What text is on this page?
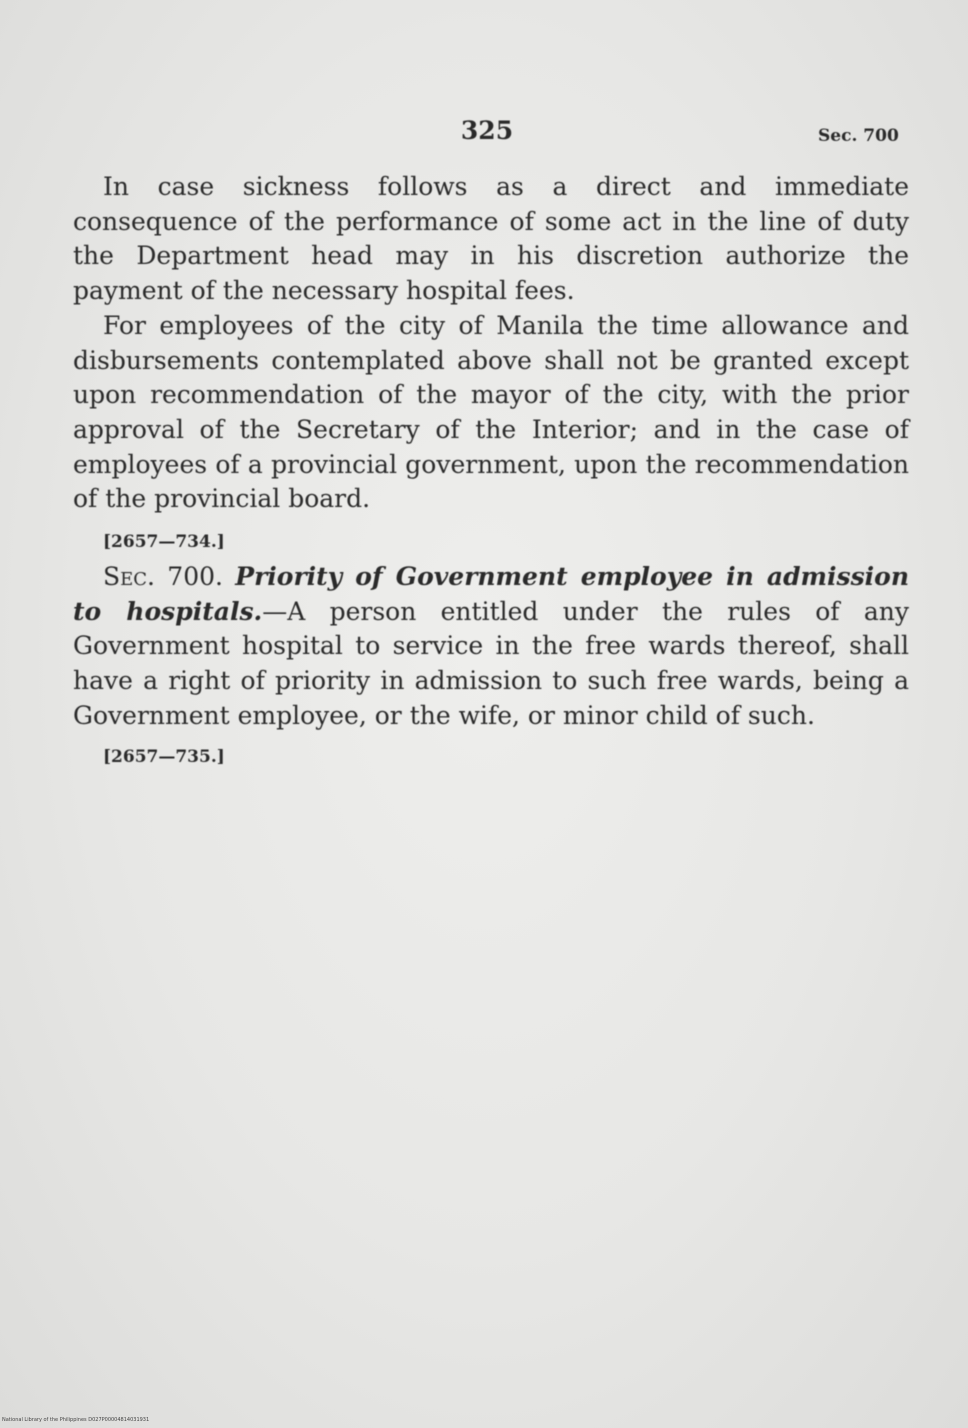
325	Sec. 700

In case sickness follows as a direct and immediate consequence of the performance of some act in the line of duty the Department head may in his discretion authorize the payment of the necessary hospital fees.

For employees of the city of Manila the time allowance and disbursements contemplated above shall not be granted except upon recommendation of the mayor of the city, with the prior approval of the Secretary of the Interior; and in the case of employees of a provincial government, upon the recommendation of the provincial board.

[2657—734.]

Sec. 700. Priority of Government employee in admission to hospitals.—A person entitled under the rules of any Government hospital to service in the free wards thereof, shall have a right of priority in admission to such free wards, being a Government employee, or the wife, or minor child of such.

[2657—735.]
National Library of the Philippines D027P00004814031931
